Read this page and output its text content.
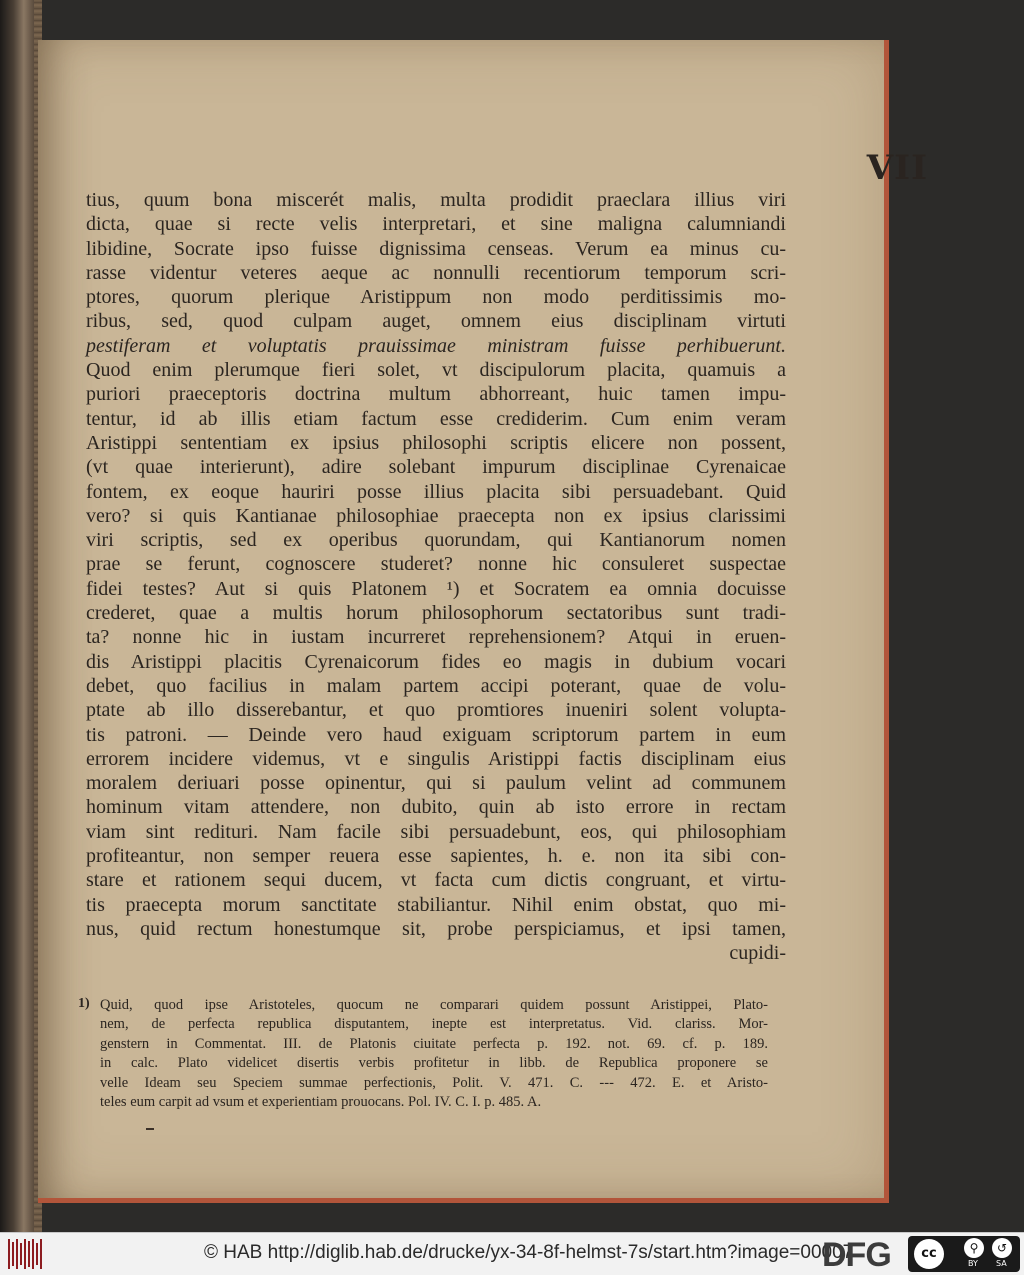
VII
tius, quum bona miscerét malis, multa prodidit praeclara illius viri
dicta, quae si recte velis interpretari, et sine maligna calumniandi
libidine, Socrate ipso fuisse dignissima censeas. Verum ea minus cu-
rasse videntur veteres aeque ac nonnulli recentiorum temporum scri-
ptores, quorum plerique Aristippum non modo perditissimis mo-
ribus, sed, quod culpam auget, omnem eius disciplinam virtuti
pestiferam et voluptatis prauissimae ministram fuisse perhibuerunt.
Quod enim plerumque fieri solet, vt discipulorum placita, quamuis a
puriori praeceptoris doctrina multum abhorreant, huic tamen impu-
tentur, id ab illis etiam factum esse crediderim. Cum enim veram
Aristippi sententiam ex ipsius philosophi scriptis elicere non possent,
(vt quae interierunt), adire solebant impurum disciplinae Cyrenaicae
fontem, ex eoque hauriri posse illius placita sibi persuadebant. Quid
vero? si quis Kantianae philosophiae praecepta non ex ipsius clarissimi
viri scriptis, sed ex operibus quorundam, qui Kantianorum nomen
prae se ferunt, cognoscere studeret? nonne hic consuleret suspectae
fidei testes? Aut si quis Platonem ¹) et Socratem ea omnia docuisse
crederet, quae a multis horum philosophorum sectatoribus sunt tradi-
ta? nonne hic in iustam incurreret reprehensionem? Atqui in eruen-
dis Aristippi placitis Cyrenaicorum fides eo magis in dubium vocari
debet, quo facilius in malam partem accipi poterant, quae de volu-
ptate ab illo disserebantur, et quo promtiores inueniri solent volupta-
tis patroni. — Deinde vero haud exiguam scriptorum partem in eum
errorem incidere videmus, vt e singulis Aristippi factis disciplinam eius
moralem deriuari posse opinentur, qui si paulum velint ad communem
hominum vitam attendere, non dubito, quin ab isto errore in rectam
viam sint redituri. Nam facile sibi persuadebunt, eos, qui philosophiam
profiteantur, non semper reuera esse sapientes, h. e. non ita sibi con-
stare et rationem sequi ducem, vt facta cum dictis congruant, et virtu-
tis praecepta morum sanctitate stabiliantur. Nihil enim obstat, quo mi-
nus, quid rectum honestumque sit, probe perspiciamus, et ipsi tamen,
cupidi-
1) Quid, quod ipse Aristoteles, quocum ne comparari quidem possunt Aristippei, Plato-
nem, de perfecta republica disputantem, inepte est interpretatus. Vid. clariss. Mor-
genstern in Commentat. III. de Platonis ciuitate perfecta p. 192. not. 69. cf. p. 189.
in calc. Plato videlicet disertis verbis profitetur in libb. de Republica proponere se
velle Ideam seu Speciem summae perfectionis, Polit. V. 471. C. --- 472. E. et Aristo-
teles eum carpit ad vsum et experientiam prouocans. Pol. IV. C. I. p. 485. A.
© HAB http://diglib.hab.de/drucke/yx-34-8f-helmst-7s/start.htm?image=00007
DFG	cc	⚲	↺
BY SA
